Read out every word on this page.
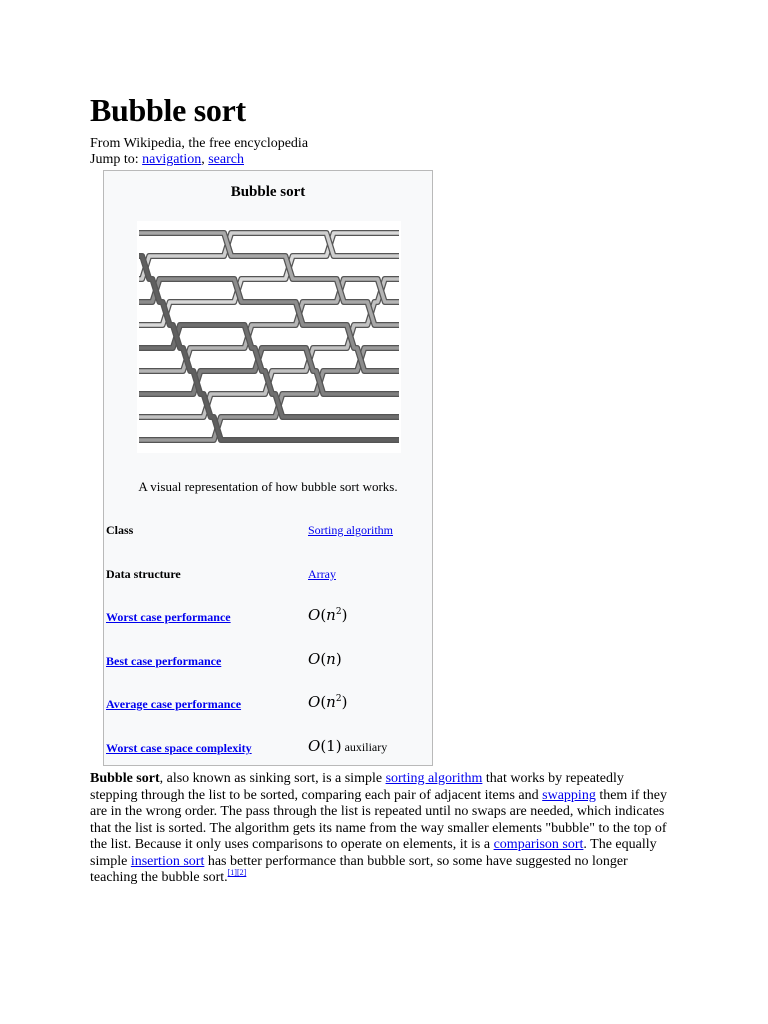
Bubble sort
From Wikipedia, the free encyclopedia
Jump to: navigation, search
Bubble sort
A visual representation of how bubble sort works.
Class	Sorting algorithm
Data structure	Array
Worst case performance	$O(n^2)$
Best case performance	O(n)
Average case performance	$O(n^2)$
Worst case space complexity	O(1) auxiliary
Bubble sort, also known as sinking sort, is a simple sorting algorithm that works by repeatedly stepping through the list to be sorted, comparing each pair of adjacent items and swapping them if they are in the wrong order. The pass through the list is repeated until no swaps are needed, which indicates that the list is sorted. The algorithm gets its name from the way smaller elements "bubble" to the top of the list. Because it only uses comparisons to operate on elements, it is a comparison sort. The equally simple insertion sort has better performance than bubble sort, so some have suggested no longer teaching the bubble sort.[1][2]
